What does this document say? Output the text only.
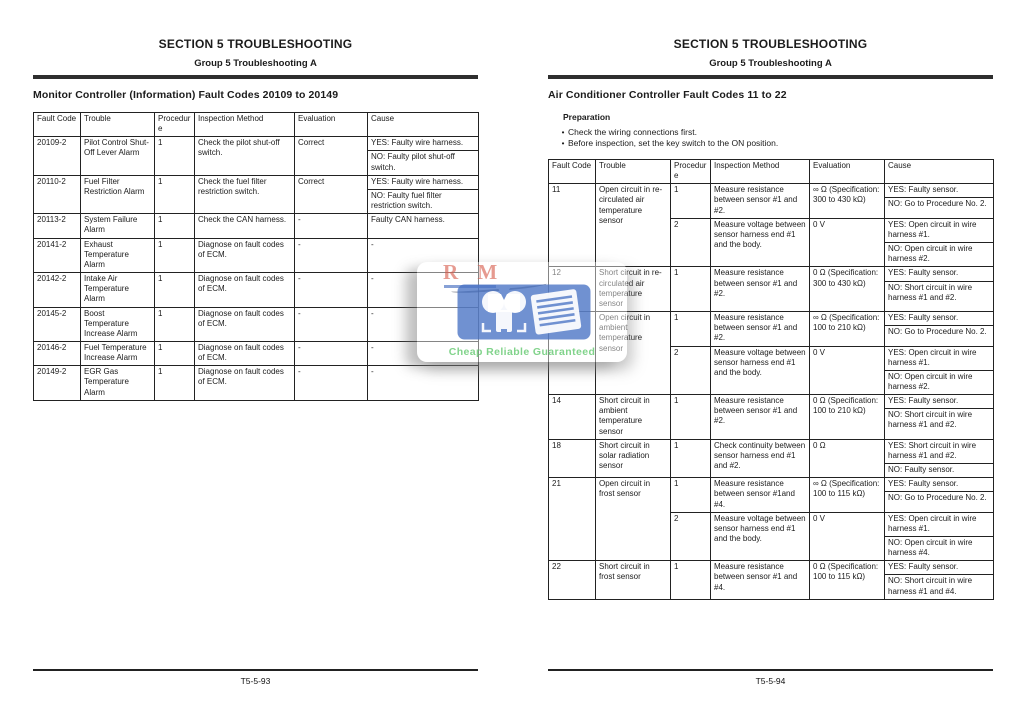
SECTION 5 TROUBLESHOOTING
Group 5 Troubleshooting A
Monitor Controller (Information) Fault Codes 20109 to 20149
Fault Code	Trouble	Procedure	Inspection Method	Evaluation	Cause
20109-2	Pilot Control Shut-Off Lever Alarm	1	Check the pilot shut-off switch.	Correct	YES: Faulty wire harness.
NO: Faulty pilot shut-off switch.

20110-2	Fuel Filter Restriction Alarm	1	Check the fuel filter restriction switch.	Correct	YES: Faulty wire harness.
NO: Faulty fuel filter restriction switch.

20113-2	System Failure Alarm	1	Check the CAN harness.	-	Faulty CAN harness.

20141-2	Exhaust Temperature Alarm	1	Diagnose on fault codes of ECM.	-	-

20142-2	Intake Air Temperature Alarm	1	Diagnose on fault codes of ECM.	-	-

20145-2	Boost Temperature Increase Alarm	1	Diagnose on fault codes of ECM.	-	-

20146-2	Fuel Temperature Increase Alarm	1	Diagnose on fault codes of ECM.	-	-

20149-2	EGR Gas Temperature Alarm	1	Diagnose on fault codes of ECM.	-	-
T5-5-93
SECTION 5 TROUBLESHOOTING
Group 5 Troubleshooting A
Air Conditioner Controller Fault Codes 11 to 22
Preparation
• Check the wiring connections first.
• Before inspection, set the key switch to the ON position.
Fault Code	Trouble	Procedure	Inspection Method	Evaluation	Cause
11	Open circuit in re-circulated air temperature sensor	1	Measure resistance between sensor #1 and #2.	∞ Ω (Specification: 300 to 430 kΩ)	YES: Faulty sensor.
NO: Go to Procedure No. 2.

		2	Measure voltage between sensor harness end #1 and the body.	0 V	YES: Open circuit in wire harness #1.
NO: Open circuit in wire harness #2.

12	Short circuit in re-circulated air temperature sensor	1	Measure resistance between sensor #1 and #2.	0 Ω (Specification: 300 to 430 kΩ)	YES: Faulty sensor.
NO: Short circuit in wire harness #1 and #2.

	Open circuit in ambient temperature sensor	1	Measure resistance between sensor #1 and #2.	∞ Ω (Specification: 100 to 210 kΩ)	YES: Faulty sensor.
NO: Go to Procedure No. 2.

		2	Measure voltage between sensor harness end #1 and the body.	0 V	YES: Open circuit in wire harness #1.
NO: Open circuit in wire harness #2.

14	Short circuit in ambient temperature sensor	1	Measure resistance between sensor #1 and #2.	0 Ω (Specification: 100 to 210 kΩ)	YES: Faulty sensor.
NO: Short circuit in wire harness #1 and #2.

18	Short circuit in solar radiation sensor	1	Check continuity between sensor harness end #1 and #2.	0 Ω	YES: Short circuit in wire harness #1 and #2.
NO: Faulty sensor.

21	Open circuit in frost sensor	1	Measure resistance between sensor #1and #4.	∞ Ω (Specification: 100 to 115 kΩ)	YES: Faulty sensor.
NO: Go to Procedure No. 2.

		2	Measure voltage between sensor harness end #1 and the body.	0 V	YES: Open circuit in wire harness #1.
NO: Open circuit in wire harness #4.

22	Short circuit in frost sensor	1	Measure resistance between sensor #1 and #4.	0 Ω (Specification: 100 to 115 kΩ)	YES: Faulty sensor.
NO: Short circuit in wire harness #1 and #4.
T5-5-94
R M
Cheap Reliable Guaranteed
